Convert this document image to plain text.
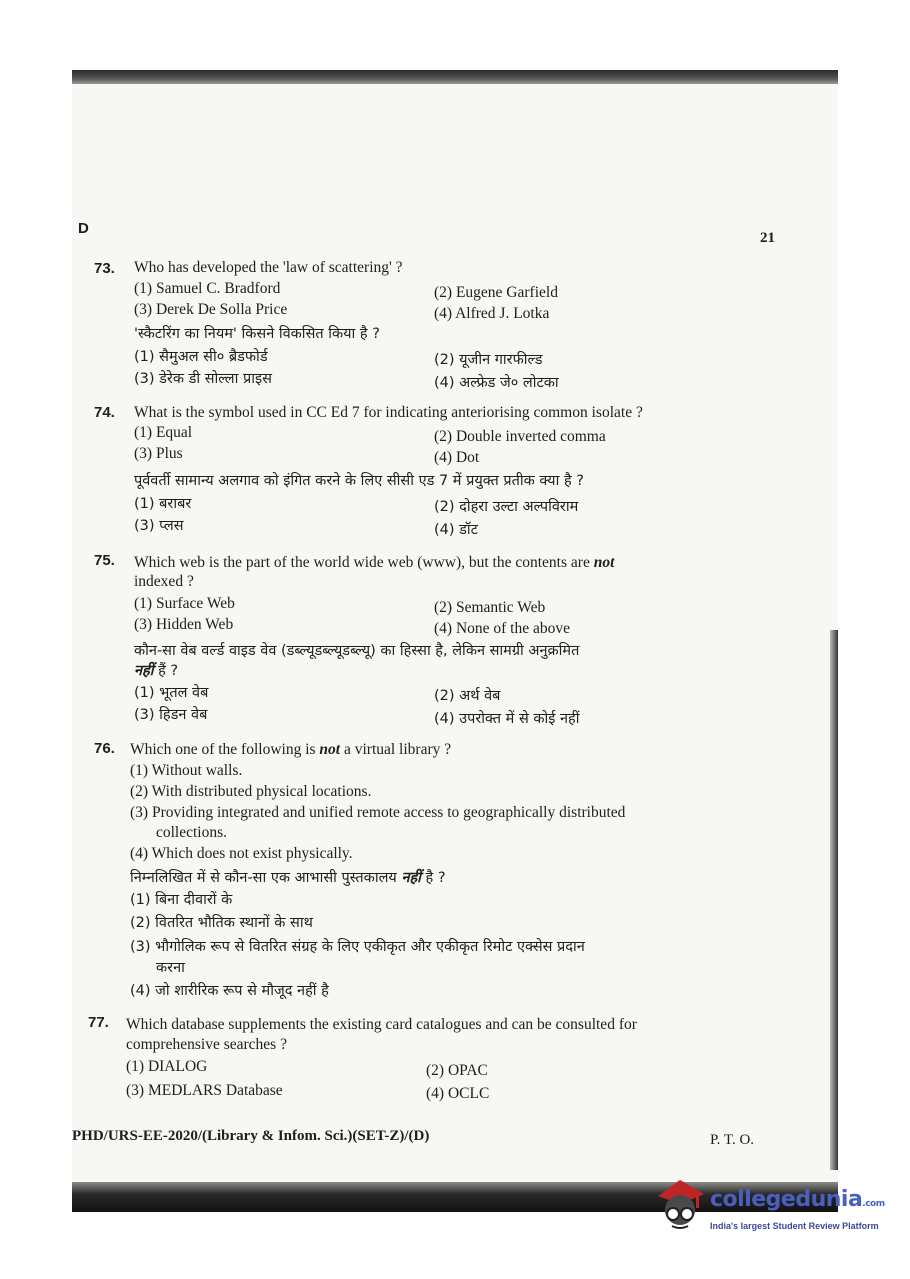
D
21
73. Who has developed the 'law of scattering' ?
(1) Samuel C. Bradford	(2) Eugene Garfield
(3) Derek De Solla Price	(4) Alfred J. Lotka
'स्कैटरिंग का नियम' किसने विकसित किया है ?
(1) सैमुअल सी० ब्रैडफोर्ड	(2) यूजीन गारफील्ड
(3) डेरेक डी सोल्ला प्राइस	(4) अल्फ्रेड जे० लोटका
74. What is the symbol used in CC Ed 7 for indicating anteriorising common isolate ?
(1) Equal	(2) Double inverted comma
(3) Plus	(4) Dot
पूर्ववर्ती सामान्य अलगाव को इंगित करने के लिए सीसी एड 7 में प्रयुक्त प्रतीक क्या है ?
(1) बराबर	(2) दोहरा उल्टा अल्पविराम
(3) प्लस	(4) डॉट
75. Which web is the part of the world wide web (www), but the contents are not
indexed ?
(1) Surface Web	(2) Semantic Web
(3) Hidden Web	(4) None of the above
कौन-सा वेब वर्ल्ड वाइड वेव (डब्ल्यूडब्ल्यूडब्ल्यू) का हिस्सा है, लेकिन सामग्री अनुक्रमित
नहीं हैं ?
(1) भूतल वेब	(2) अर्थ वेब
(3) हिडन वेब	(4) उपरोक्त में से कोई नहीं
76. Which one of the following is not a virtual library ?
(1) Without walls.
(2) With distributed physical locations.
(3) Providing integrated and unified remote access to geographically distributed
collections.
(4) Which does not exist physically.
निम्नलिखित में से कौन-सा एक आभासी पुस्तकालय नहीं है ?
(1) बिना दीवारों के
(2) वितरित भौतिक स्थानों के साथ
(3) भौगोलिक रूप से वितरित संग्रह के लिए एकीकृत और एकीकृत रिमोट एक्सेस प्रदान
करना
(4) जो शारीरिक रूप से मौजूद नहीं है
77. Which database supplements the existing card catalogues and can be consulted for
comprehensive searches ?
(1) DIALOG	(2) OPAC
(3) MEDLARS Database	(4) OCLC
PHD/URS-EE-2020/(Library & Infom. Sci.)(SET-Z)/(D)	P. T. O.
collegedunia.com
India's largest Student Review Platform
